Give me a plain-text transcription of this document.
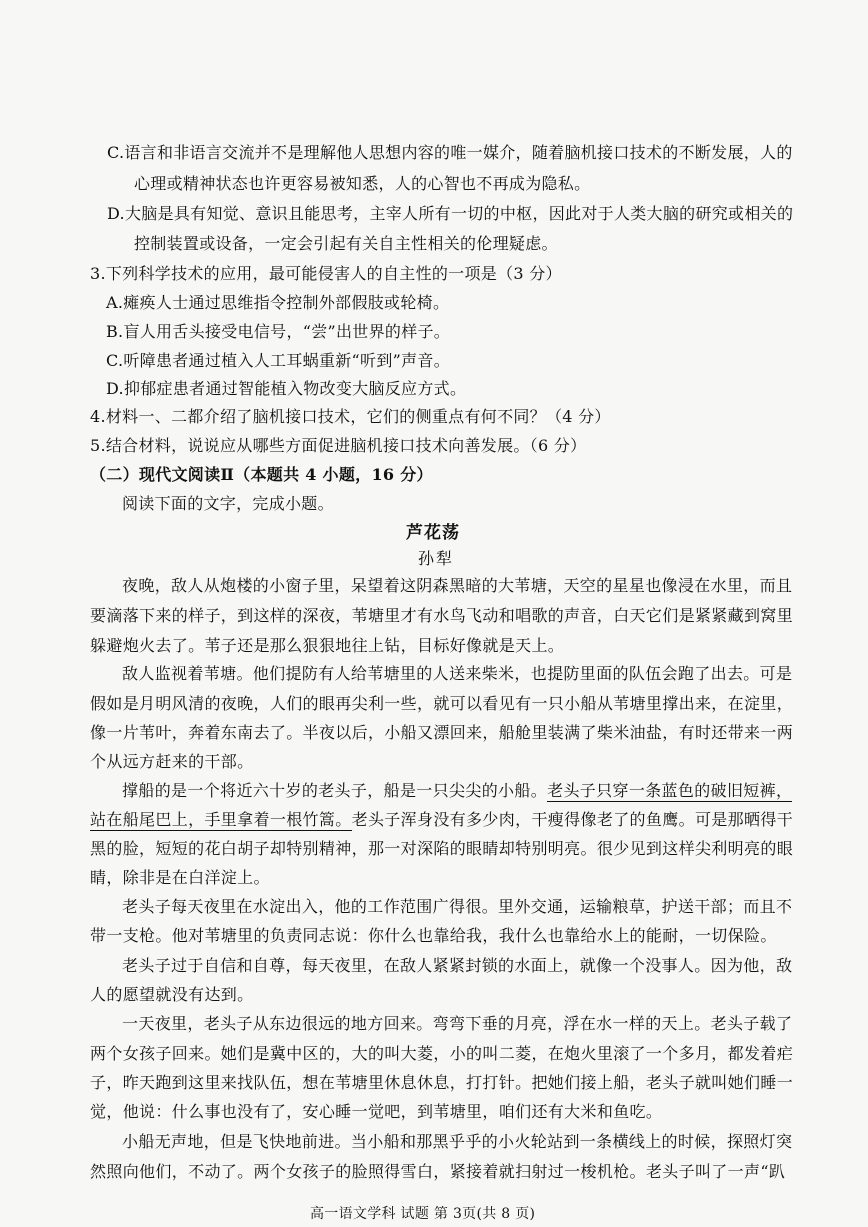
C.语言和非语言交流并不是理解他人思想内容的唯一媒介，随着脑机接口技术的不断发展，人的
心理或精神状态也许更容易被知悉，人的心智也不再成为隐私。
D.大脑是具有知觉、意识且能思考，主宰人所有一切的中枢，因此对于人类大脑的研究或相关的
控制装置或设备，一定会引起有关自主性相关的伦理疑虑。
3.下列科学技术的应用，最可能侵害人的自主性的一项是（3 分）
A.瘫痪人士通过思维指令控制外部假肢或轮椅。
B.盲人用舌头接受电信号，“尝”出世界的样子。
C.听障患者通过植入人工耳蜗重新“听到”声音。
D.抑郁症患者通过智能植入物改变大脑反应方式。
4.材料一、二都介绍了脑机接口技术，它们的侧重点有何不同？（4 分）
5.结合材料，说说应从哪些方面促进脑机接口技术向善发展。（6 分）
（二）现代文阅读Ⅱ（本题共 4 小题，16 分）
阅读下面的文字，完成小题。
芦花荡
孙犁
夜晚，敌人从炮楼的小窗子里，呆望着这阴森黑暗的大苇塘，天空的星星也像浸在水里，而且
要滴落下来的样子，到这样的深夜，苇塘里才有水鸟飞动和唱歌的声音，白天它们是紧紧藏到窝里
躲避炮火去了。苇子还是那么狠狠地往上钻，目标好像就是天上。
敌人监视着苇塘。他们提防有人给苇塘里的人送来柴米，也提防里面的队伍会跑了出去。可是
假如是月明风清的夜晚，人们的眼再尖利一些，就可以看见有一只小船从苇塘里撑出来，在淀里，
像一片苇叶，奔着东南去了。半夜以后，小船又漂回来，船舱里装满了柴米油盐，有时还带来一两
个从远方赶来的干部。
撑船的是一个将近六十岁的老头子，船是一只尖尖的小船。老头子只穿一条蓝色的破旧短裤，
站在船尾巴上，手里拿着一根竹篙。老头子浑身没有多少肉，干瘦得像老了的鱼鹰。可是那晒得干
黑的脸，短短的花白胡子却特别精神，那一对深陷的眼睛却特别明亮。很少见到这样尖利明亮的眼
睛，除非是在白洋淀上。
老头子每天夜里在水淀出入，他的工作范围广得很。里外交通，运输粮草，护送干部；而且不
带一支枪。他对苇塘里的负责同志说：你什么也靠给我，我什么也靠给水上的能耐，一切保险。
老头子过于自信和自尊，每天夜里，在敌人紧紧封锁的水面上，就像一个没事人。因为他，敌
人的愿望就没有达到。
一天夜里，老头子从东边很远的地方回来。弯弯下垂的月亮，浮在水一样的天上。老头子载了
两个女孩子回来。她们是冀中区的，大的叫大菱，小的叫二菱，在炮火里滚了一个多月，都发着疟
子，昨天跑到这里来找队伍，想在苇塘里休息休息，打打针。把她们接上船，老头子就叫她们睡一
觉，他说：什么事也没有了，安心睡一觉吧，到苇塘里，咱们还有大米和鱼吃。
小船无声地，但是飞快地前进。当小船和那黑乎乎的小火轮站到一条横线上的时候，探照灯突
然照向他们，不动了。两个女孩子的脸照得雪白，紧接着就扫射过一梭机枪。老头子叫了一声“趴
高一语文学科 试题 第 3页(共 8 页)
